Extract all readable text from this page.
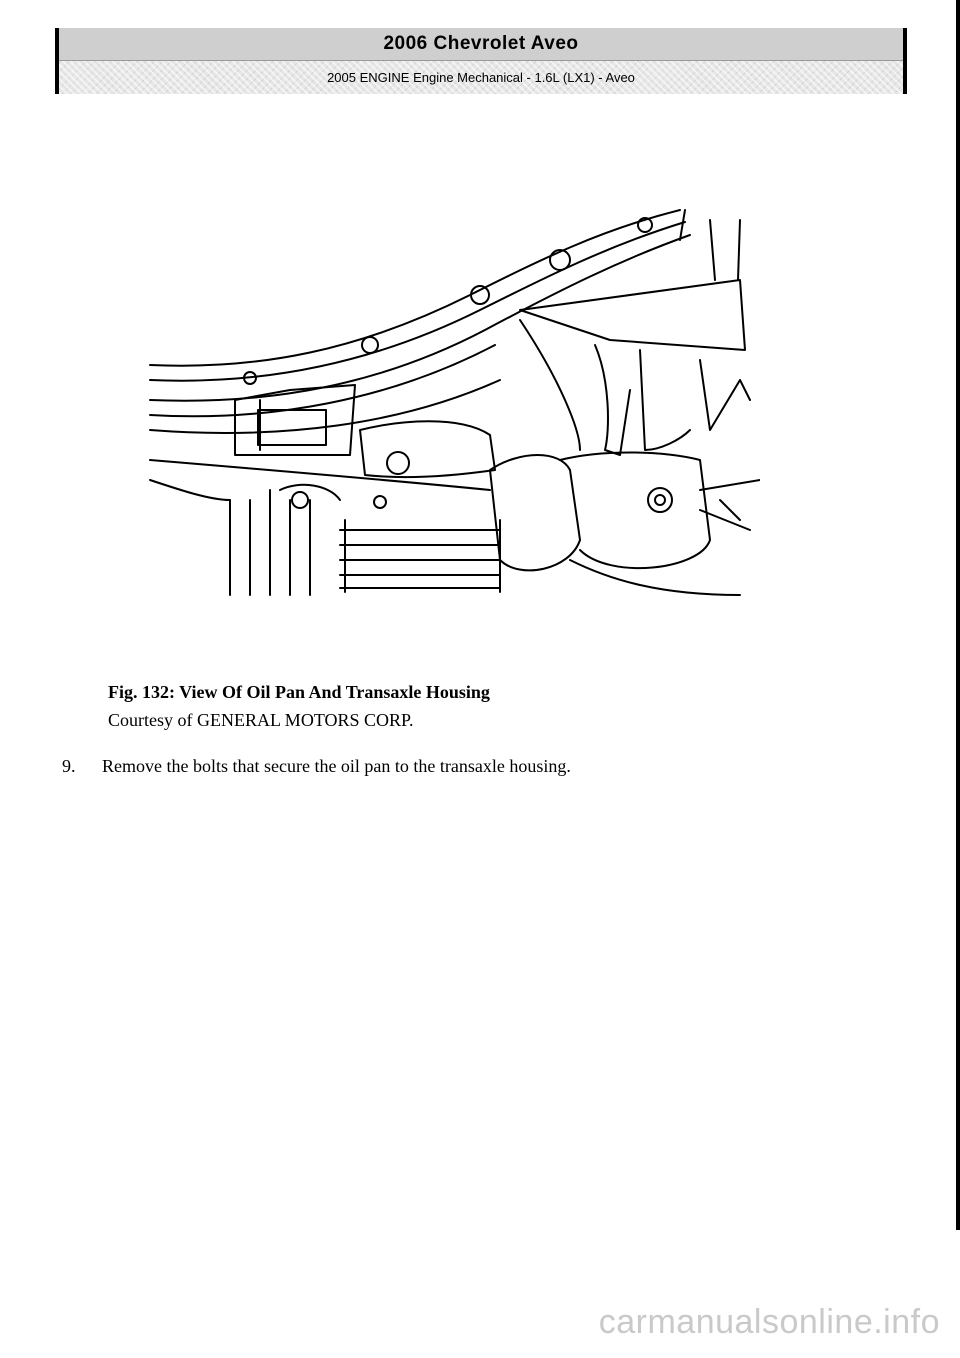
2006 Chevrolet Aveo
2005 ENGINE Engine Mechanical - 1.6L (LX1) - Aveo
Fig. 132: View Of Oil Pan And Transaxle Housing
Courtesy of GENERAL MOTORS CORP.
9. Remove the bolts that secure the oil pan to the transaxle housing.
carmanualsonline.info
